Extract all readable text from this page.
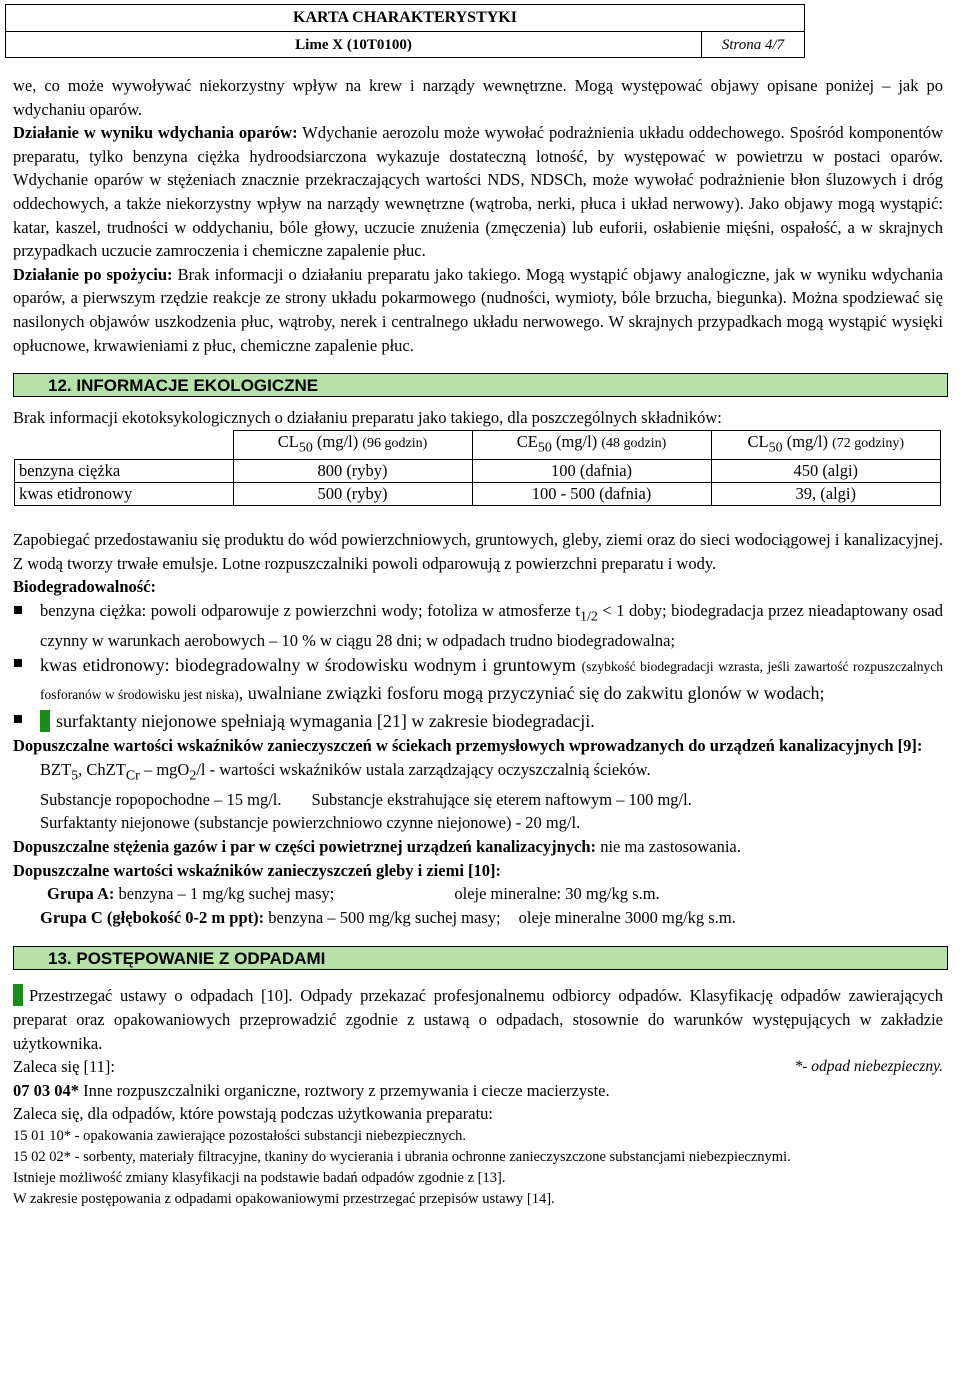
KARTA CHARAKTERYSTYKI
Lime X (10T0100)	Strona 4/7

we, co może wywoływać niekorzystny wpływ na krew i narządy wewnętrzne. Mogą występować objawy opisane poniżej – jak po wdychaniu oparów.

Działanie w wyniku wdychania oparów: Wdychanie aerozolu może wywołać podrażnienia układu oddechowego. Spośród komponentów preparatu, tylko benzyna ciężka hydroodsiarczona wykazuje dostateczną lotność, by występować w powietrzu w postaci oparów. Wdychanie oparów w stężeniach znacznie przekraczających wartości NDS, NDSCh, może wywołać podrażnienie błon śluzowych i dróg oddechowych, a także niekorzystny wpływ na narządy wewnętrzne (wątroba, nerki, płuca i układ nerwowy). Jako objawy mogą wystąpić: katar, kaszel, trudności w oddychaniu, bóle głowy, uczucie znużenia (zmęczenia) lub euforii, osłabienie mięśni, ospałość, a w skrajnych przypadkach uczucie zamroczenia i chemiczne zapalenie płuc.

Działanie po spożyciu: Brak informacji o działaniu preparatu jako takiego. Mogą wystąpić objawy analogiczne, jak w wyniku wdychania oparów, a pierwszym rzędzie reakcje ze strony układu pokarmowego (nudności, wymioty, bóle brzucha, biegunka). Można spodziewać się nasilonych objawów uszkodzenia płuc, wątroby, nerek i centralnego układu nerwowego. W skrajnych przypadkach mogą wystąpić wysięki opłucnowe, krwawieniami z płuc, chemiczne zapalenie płuc.

12. INFORMACJE EKOLOGICZNE

Brak informacji ekotoksykologicznych o działaniu preparatu jako takiego, dla poszczególnych składników:

	$CL_{50}$ (mg/l) (96 godzin)	$CE_{50}$ (mg/l) (48 godzin)	$CL_{50}$ (mg/l) (72 godziny)
benzyna ciężka	800 (ryby)	100 (dafnia)	450 (algi)
kwas etidronowy	500 (ryby)	100 - 500 (dafnia)	39, (algi)

Zapobiegać przedostawaniu się produktu do wód powierzchniowych, gruntowych, gleby, ziemi oraz do sieci wodociągowej i kanalizacyjnej. Z wodą tworzy trwałe emulsje. Lotne rozpuszczalniki powoli odparowują z powierzchni preparatu i wody.

Biodegradowalność:

benzyna ciężka: powoli odparowuje z powierzchni wody; fotoliza w atmosferze $t_{1/2} < 1$ doby; biodegradacja przez nieadaptowany osad czynny w warunkach aerobowych – 10 % w ciągu 28 dni; w odpadach trudno biodegradowalna;
kwas etidronowy: biodegradowalny w środowisku wodnym i gruntowym (szybkość biodegradacji wzrasta, jeśli zawartość rozpuszczalnych fosforanów w środowisku jest niska), uwalniane związki fosforu mogą przyczyniać się do zakwitu glonów w wodach;
surfaktanty niejonowe spełniają wymagania [21] w zakresie biodegradacji.

Dopuszczalne wartości wskaźników zanieczyszczeń w ściekach przemysłowych wprowadzanych do urządzeń kanalizacyjnych [9]:

$BZT_5$, ChZT$_{Cr}$ – mgO$_2$/l - wartości wskaźników ustala zarządzający oczyszczalnią ścieków.

Substancje ropopochodne – 15 mg/l. Substancje ekstrahujące się eterem naftowym – 100 mg/l.

Surfaktanty niejonowe (substancje powierzchniowo czynne niejonowe) - 20 mg/l.

Dopuszczalne stężenia gazów i par w części powietrznej urządzeń kanalizacyjnych: nie ma zastosowania.

Dopuszczalne wartości wskaźników zanieczyszczeń gleby i ziemi [10]:

Grupa A: benzyna – 1 mg/kg suchej masy;	oleje mineralne: 30 mg/kg s.m.

Grupa C (głębokość 0-2 m ppt): benzyna – 500 mg/kg suchej masy; oleje mineralne 3000 mg/kg s.m.

13. POSTĘPOWANIE Z ODPADAMI

Przestrzegać ustawy o odpadach [10]. Odpady przekazać profesjonalnemu odbiorcy odpadów. Klasyfikację odpadów zawierających preparat oraz opakowaniowych przeprowadzić zgodnie z ustawą o odpadach, stosownie do warunków występujących w zakładzie użytkownika.

Zaleca się [11]:	*- odpad niebezpieczny.

07 03 04* Inne rozpuszczalniki organiczne, roztwory z przemywania i ciecze macierzyste.

Zaleca się, dla odpadów, które powstają podczas użytkowania preparatu:

15 01 10* - opakowania zawierające pozostałości substancji niebezpiecznych.

15 02 02* - sorbenty, materiały filtracyjne, tkaniny do wycierania i ubrania ochronne zanieczyszczone substancjami niebezpiecznymi.

Istnieje możliwość zmiany klasyfikacji na podstawie badań odpadów zgodnie z [13].

W zakresie postępowania z odpadami opakowaniowymi przestrzegać przepisów ustawy [14].
